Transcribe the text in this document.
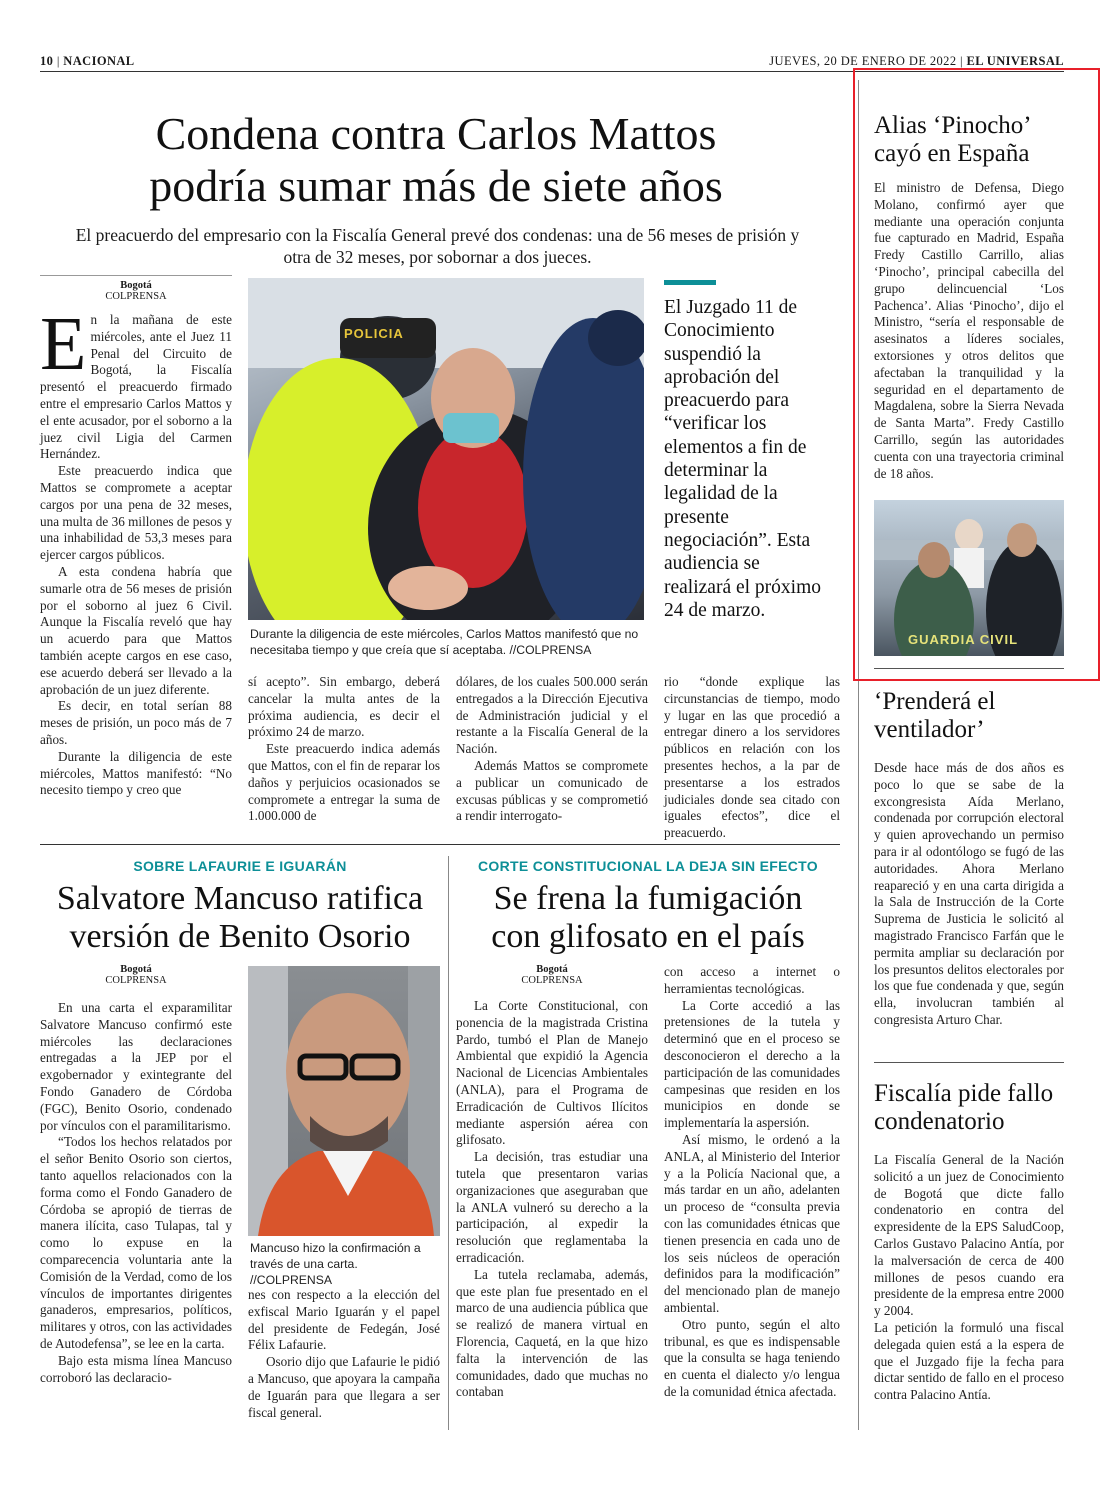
10 | NACIONAL	JUEVES, 20 DE ENERO DE 2022 | EL UNIVERSAL
Condena contra Carlos Mattos
podría sumar más de siete años
El preacuerdo del empresario con la Fiscalía General prevé dos condenas: una de 56 meses de prisión y otra de 32 meses, por sobornar a dos jueces.
Bogotá
COLPRENSA
E n la mañana de este miércoles, ante el Juez 11 Penal del Circuito de Bogotá, la Fiscalía presentó el preacuerdo firmado entre el empresario Carlos Mattos y el ente acusador, por el soborno a la juez civil Ligia del Carmen Hernández.

Este preacuerdo indica que Mattos se compromete a aceptar cargos por una pena de 32 meses, una multa de 36 millones de pesos y una inhabilidad de 53,3 meses para ejercer cargos públicos.

A esta condena habría que sumarle otra de 56 meses de prisión por el soborno al juez 6 Civil. Aunque la Fiscalía reveló que hay un acuerdo para que Mattos también acepte cargos en ese caso, ese acuerdo deberá ser llevado a la aprobación de un juez diferente.

Es decir, en total serían 88 meses de prisión, un poco más de 7 años.

Durante la diligencia de este miércoles, Mattos manifestó: “No necesito tiempo y creo que

POLICIA
Durante la diligencia de este miércoles, Carlos Mattos manifestó que no necesitaba tiempo y que creía que sí aceptaba. //COLPRENSA
El Juzgado 11 de Conocimiento suspendió la aprobación del preacuerdo para “verificar los elementos a fin de determinar la legalidad de la presente negociación”. Esta audiencia se realizará el próximo 24 de marzo.

sí acepto”. Sin embargo, deberá cancelar la multa antes de la próxima audiencia, es decir el próximo 24 de marzo.

Este preacuerdo indica además que Mattos, con el fin de reparar los daños y perjuicios ocasionados se compromete a entregar la suma de 1.000.000 de

dólares, de los cuales 500.000 serán entregados a la Dirección Ejecutiva de Administración judicial y el restante a la Fiscalía General de la Nación.

Además Mattos se compromete a publicar un comunicado de excusas públicas y se comprometió a rendir interrogato-

rio “donde explique las circunstancias de tiempo, modo y lugar en las que procedió a entregar dinero a los servidores públicos en relación con los presentes hechos, a la par de presentarse a los estrados judiciales donde sea citado con iguales efectos”, dice el preacuerdo.

SOBRE LAFAURIE E IGUARÁN
Salvatore Mancuso ratifica
versión de Benito Osorio
Bogotá
COLPRENSA

En una carta el exparamilitar Salvatore Mancuso confirmó este miércoles las declaraciones entregadas a la JEP por el exgobernador y exintegrante del Fondo Ganadero de Córdoba (FGC), Benito Osorio, condenado por vínculos con el paramilitarismo.

“Todos los hechos relatados por el señor Benito Osorio son ciertos, tanto aquellos relacionados con la forma como el Fondo Ganadero de Córdoba se apropió de tierras de manera ilícita, caso Tulapas, tal y como lo expuse en la comparecencia voluntaria ante la Comisión de la Verdad, como de los vínculos de importantes dirigentes ganaderos, empresarios, políticos, militares y otros, con las actividades de Autodefensa”, se lee en la carta.

Bajo esta misma línea Mancuso corroboró las declaracio-

Mancuso hizo la confirmación a través de una carta. //COLPRENSA

nes con respecto a la elección del exfiscal Mario Iguarán y el papel del presidente de Fedegán, José Félix Lafaurie.

Osorio dijo que Lafaurie le pidió a Mancuso, que apoyara la campaña de Iguarán para que llegara a ser fiscal general.

CORTE CONSTITUCIONAL LA DEJA SIN EFECTO
Se frena la fumigación
con glifosato en el país
Bogotá
COLPRENSA

La Corte Constitucional, con ponencia de la magistrada Cristina Pardo, tumbó el Plan de Manejo Ambiental que expidió la Agencia Nacional de Licencias Ambientales (ANLA), para el Programa de Erradicación de Cultivos Ilícitos mediante aspersión aérea con glifosato.

La decisión, tras estudiar una tutela que presentaron varias organizaciones que aseguraban que la ANLA vulneró su derecho a la participación, al expedir la resolución que reglamentaba la erradicación.

La tutela reclamaba, además, que este plan fue presentado en el marco de una audiencia pública que se realizó de manera virtual en Florencia, Caquetá, en la que hizo falta la intervención de las comunidades, dado que muchas no contaban

con acceso a internet o herramientas tecnológicas.

La Corte accedió a las pretensiones de la tutela y determinó que en el proceso se desconocieron el derecho a la participación de las comunidades campesinas que residen en los municipios en donde se implementaría la aspersión.

Así mismo, le ordenó a la ANLA, al Ministerio del Interior y a la Policía Nacional que, a más tardar en un año, adelanten un proceso de “consulta previa con las comunidades étnicas que tienen presencia en cada uno de los seis núcleos de operación definidos para la modificación” del mencionado plan de manejo ambiental.

Otro punto, según el alto tribunal, es que es indispensable que la consulta se haga teniendo en cuenta el dialecto y/o lengua de la comunidad étnica afectada.

Alias ‘Pinocho’
cayó en España

El ministro de Defensa, Diego Molano, confirmó ayer que mediante una operación conjunta fue capturado en Madrid, España Fredy Castillo Carrillo, alias ‘Pinocho’, principal cabecilla del grupo delincuencial ‘Los Pachenca’. Alias ‘Pinocho’, dijo el Ministro, “sería el responsable de asesinatos a líderes sociales, extorsiones y otros delitos que afectaban la tranquilidad y la seguridad en el departamento de Magdalena, sobre la Sierra Nevada de Santa Marta”. Fredy Castillo Carrillo, según las autoridades cuenta con una trayectoria criminal de 18 años.

GUARDIA CIVIL
‘Prenderá el
ventilador’

Desde hace más de dos años es poco lo que se sabe de la excongresista Aída Merlano, condenada por corrupción electoral y quien aprovechando un permiso para ir al odontólogo se fugó de las autoridades. Ahora Merlano reapareció y en una carta dirigida a la Sala de Instrucción de la Corte Suprema de Justicia le solicitó al magistrado Francisco Farfán que le permita ampliar su declaración por los presuntos delitos electorales por los que fue condenada y que, según ella, involucran también al congresista Arturo Char.

Fiscalía pide fallo
condenatorio

La Fiscalía General de la Nación solicitó a un juez de Conocimiento de Bogotá que dicte fallo condenatorio en contra del expresidente de la EPS SaludCoop, Carlos Gustavo Palacino Antía, por la malversación de cerca de 400 millones de pesos cuando era presidente de la empresa entre 2000 y 2004.

La petición la formuló una fiscal delegada quien está a la espera de que el Juzgado fije la fecha para dictar sentido de fallo en el proceso contra Palacino Antía.
